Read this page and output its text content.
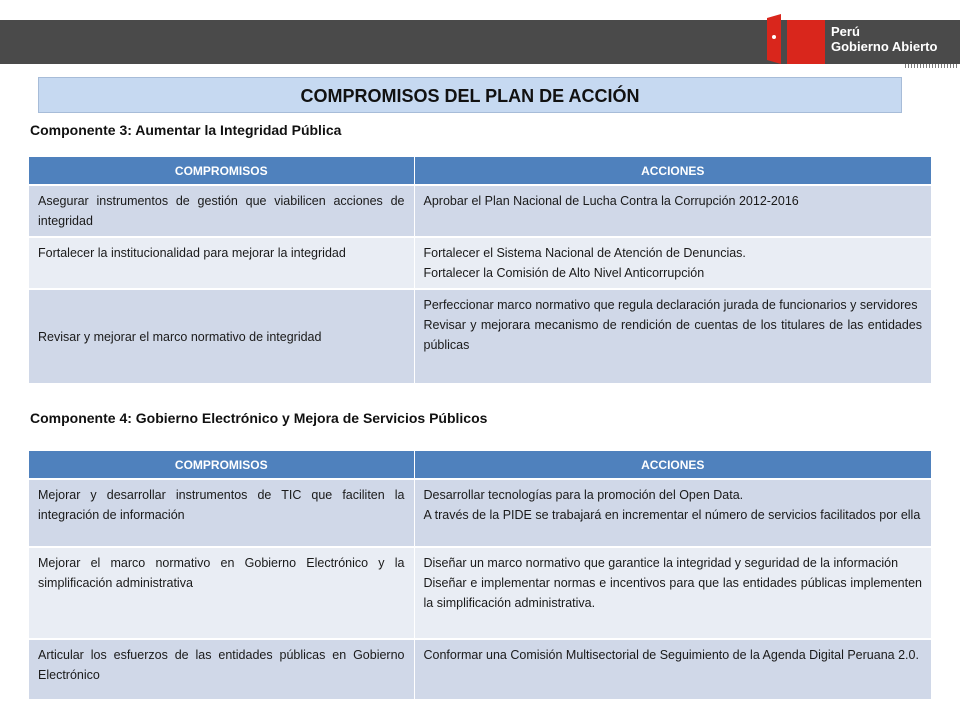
Perú
Gobierno Abierto
COMPROMISOS DEL PLAN DE ACCIÓN
Componente 3: Aumentar la Integridad Pública
COMPROMISOS	ACCIONES
Asegurar instrumentos de gestión que viabilicen acciones de integridad	Aprobar el Plan Nacional de Lucha Contra la Corrupción 2012-2016

Fortalecer la institucionalidad para mejorar la integridad	Fortalecer el Sistema Nacional de Atención de Denuncias.
Fortalecer la Comisión de Alto Nivel Anticorrupción

Revisar y mejorar el marco normativo de integridad	Perfeccionar marco normativo que regula declaración jurada de funcionarios y servidores
Revisar y mejorara mecanismo de rendición de cuentas de los titulares de las entidades públicas
Componente 4: Gobierno Electrónico y Mejora de Servicios Públicos
COMPROMISOS	ACCIONES
Mejorar y desarrollar instrumentos de TIC que faciliten la integración de información	Desarrollar tecnologías para la promoción del Open Data.
A través de la PIDE se trabajará en incrementar el número de servicios facilitados por ella

Mejorar el marco normativo en Gobierno Electrónico y la simplificación administrativa	Diseñar un marco normativo que garantice la integridad y seguridad de la información
Diseñar e implementar normas e incentivos para que las entidades públicas implementen la simplificación administrativa.

Articular los esfuerzos de las entidades públicas en Gobierno Electrónico	Conformar una Comisión Multisectorial de Seguimiento de la Agenda Digital Peruana 2.0.
